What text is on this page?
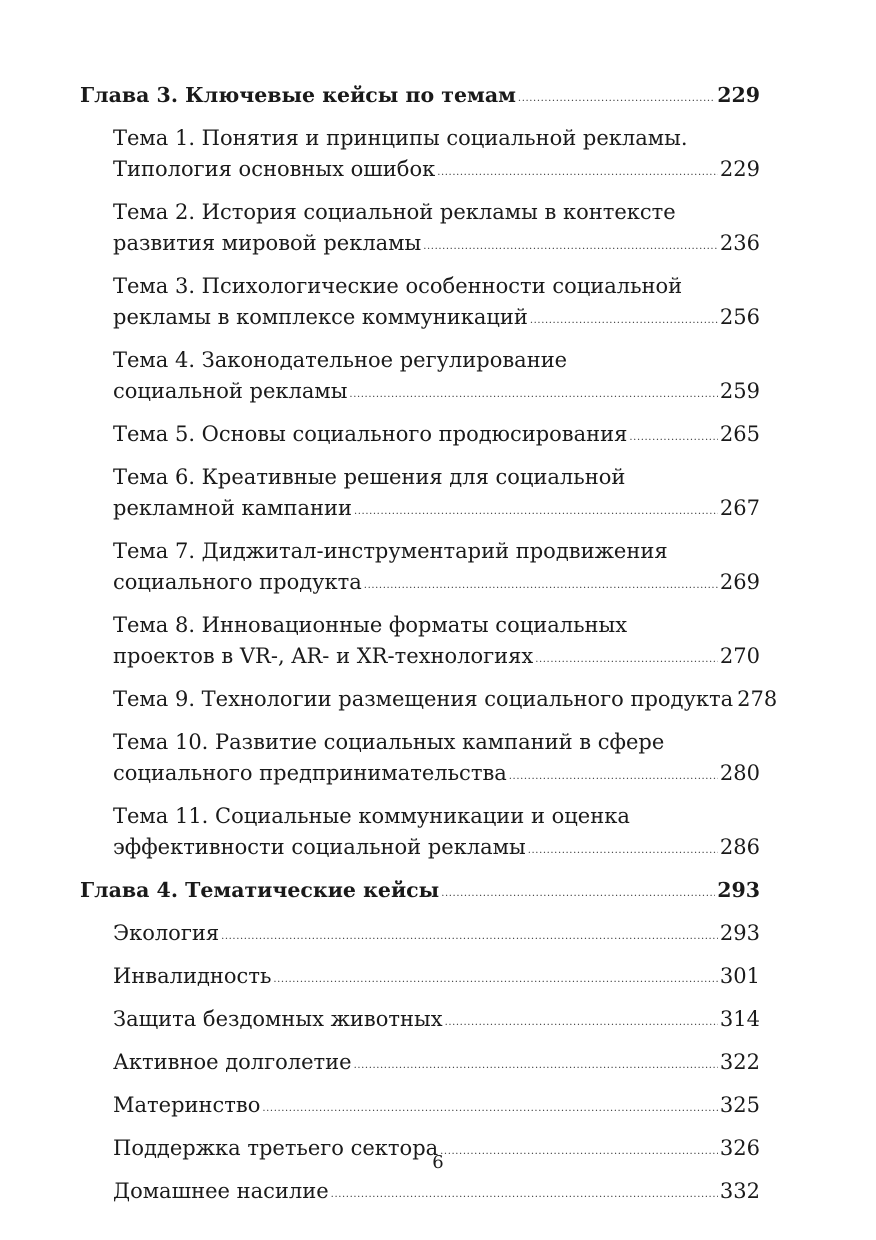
Глава 3. Ключевые кейсы по темам .....	229
Тема 1. Понятия и принципы социальной рекламы.
Типология основных ошибок .....	229
Тема 2. История социальной рекламы в контексте
развития мировой рекламы .....	236
Тема 3. Психологические особенности социальной
рекламы в комплексе коммуникаций .....	256
Тема 4. Законодательное регулирование
социальной рекламы .....	259
Тема 5. Основы социального продюсирования .....	265
Тема 6. Креативные решения для социальной
рекламной кампании .....	267
Тема 7. Диджитал-инструментарий продвижения
социального продукта .....	269
Тема 8. Инновационные форматы социальных
проектов в VR-, AR- и XR-технологиях .....	270
Тема 9. Технологии размещения социального продукта 278
Тема 10. Развитие социальных кампаний в сфере
социального предпринимательства .....	280
Тема 11. Социальные коммуникации и оценка
эффективности социальной рекламы .....	286
Глава 4. Тематические кейсы .....	293
Экология .....	293
Инвалидность .....	301
Защита бездомных животных .....	314
Активное долголетие .....	322
Материнство .....	325
Поддержка третьего сектора .....	326
Домашнее насилие .....	332
6
